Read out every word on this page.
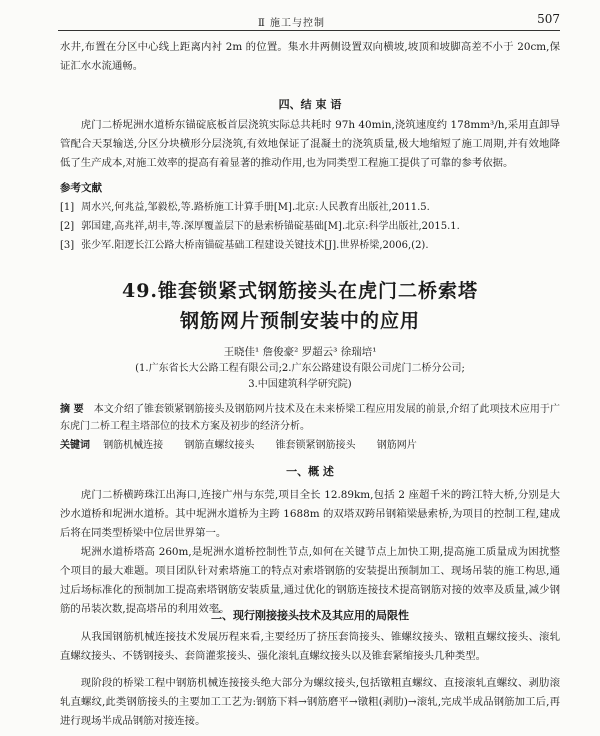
Ⅱ 施工与控制	507
水井,布置在分区中心线上距离内衬 2m 的位置。集水井两侧设置双向横坡,坡顶和坡脚高差不小于 20cm,保证汇水水流通畅。
四、结 束 语
虎门二桥坭洲水道桥东锚碇底板首层浇筑实际总共耗时 97h 40min,浇筑速度约 178mm³/h,采用直卸导管配合天泵输送,分区分块横形分层浇筑,有效地保证了混凝土的浇筑质量,极大地缩短了施工周期,并有效地降低了生产成本,对施工效率的提高有着显著的推动作用,也为同类型工程施工提供了可靠的参考依据。
参考文献
[1] 周水兴,何兆益,邹毅松,等.路桥施工计算手册[M].北京:人民教育出版社,2011.5.
[2] 郭国建,高兆祥,胡丰,等.深厚覆盖层下的悬索桥锚碇基础[M].北京:科学出版社,2015.1.
[3] 张少军.阳逻长江公路大桥南锚碇基础工程建设关键技术[J].世界桥梁,2006,(2).
49.锥套锁紧式钢筋接头在虎门二桥索塔
钢筋网片预制安装中的应用
王晓佳¹ 詹俊豪² 罗超云³ 徐瑞培¹
(1.广东省长大公路工程有限公司;2.广东公路建设有限公司虎门二桥分公司;
3.中国建筑科学研究院)
摘 要 本文介绍了锥套锁紧钢筋接头及钢筋网片技术及在未来桥梁工程应用发展的前景,介绍了此项技术应用于广东虎门二桥工程主塔部位的技术方案及初步的经济分析。
关键词 钢筋机械连接 钢筋直螺纹接头 锥套锁紧钢筋接头 钢筋网片
一、概 述
虎门二桥横跨珠江出海口,连接广州与东莞,项目全长 12.89km,包括 2 座超千米的跨江特大桥,分别是大沙水道桥和坭洲水道桥。其中坭洲水道桥为主跨 1688m 的双塔双跨吊钢箱梁悬索桥,为项目的控制工程,建成后将在同类型桥梁中位居世界第一。
坭洲水道桥塔高 260m,是坭洲水道桥控制性节点,如何在关键节点上加快工期,提高施工质量成为困扰整个项目的最大难题。项目团队针对索塔施工的特点对索塔钢筋的安装提出预制加工、现场吊装的施工构思,通过后场标准化的预制加工提高索塔钢筋安装质量,通过优化的钢筋连接技术提高钢筋对接的效率及质量,减少钢筋的吊装次数,提高塔吊的利用效率。
二、现行刚接接头技术及其应用的局限性
从我国钢筋机械连接技术发展历程来看,主要经历了挤压套筒接头、锥螺纹接头、镦粗直螺纹接头、滚轧直螺纹接头、不锈钢接头、套筒灌浆接头、强化滚轧直螺纹接头以及锥套紧缩接头几种类型。
现阶段的桥梁工程中钢筋机械连接接头绝大部分为螺纹接头,包括镦粗直螺纹、直接滚轧直螺纹、剥肋滚轧直螺纹,此类钢筋接头的主要加工工艺为:钢筋下料→钢筋磨平→镦粗(剥肋)→滚轧,完成半成品钢筋加工后,再进行现场半成品钢筋对接连接。
